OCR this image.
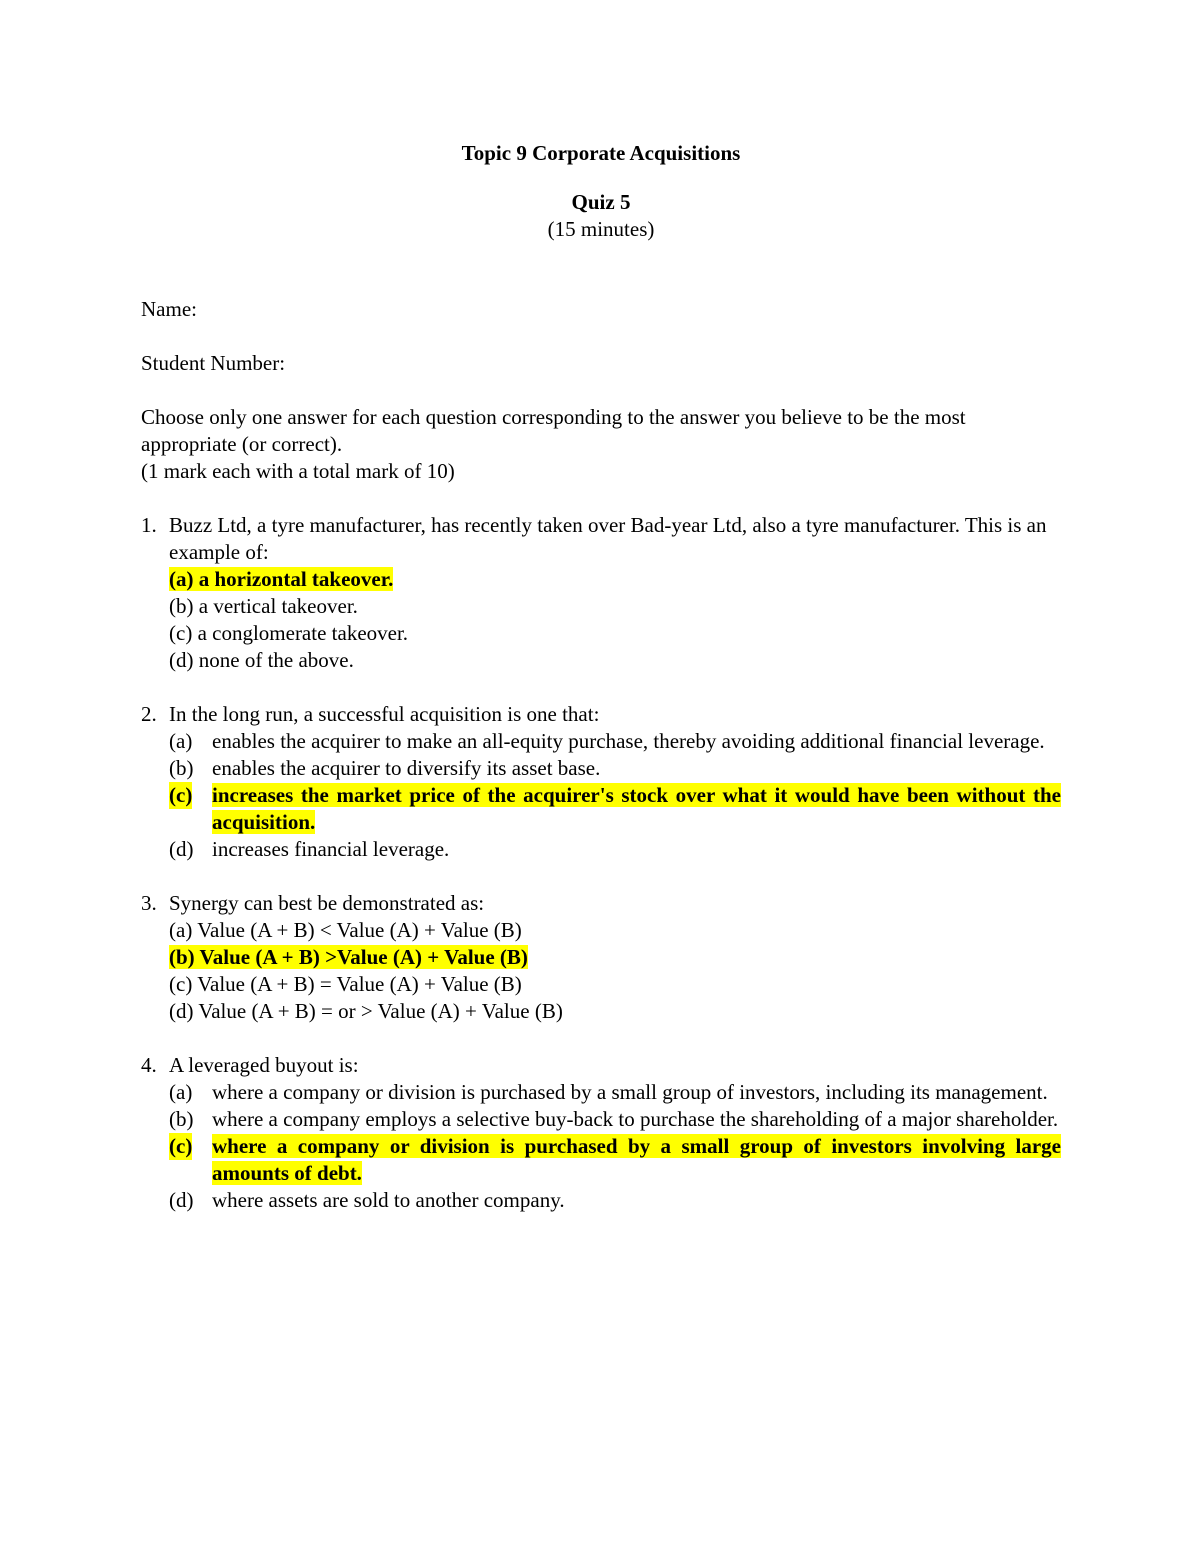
Topic 9 Corporate Acquisitions

Quiz 5

(15 minutes)

Name:

Student Number:

Choose only one answer for each question corresponding to the answer you believe to be the most appropriate (or correct).

(1 mark each with a total mark of 10)

1. Buzz Ltd, a tyre manufacturer, has recently taken over Bad-year Ltd, also a tyre manufacturer. This is an example of:

(a) a horizontal takeover.
(b) a vertical takeover.
(c) a conglomerate takeover.
(d) none of the above.
2. In the long run, a successful acquisition is one that:

(a) enables the acquirer to make an all-equity purchase, thereby avoiding additional financial leverage.
(b) enables the acquirer to diversify its asset base.
(c) increases the market price of the acquirer's stock over what it would have been without the acquisition.
(d) increases financial leverage.
3. Synergy can best be demonstrated as:

(a) Value (A + B) < Value (A) + Value (B)
(b) Value (A + B) >Value (A) + Value (B)
(c) Value (A + B) = Value (A) + Value (B)
(d) Value (A + B) = or > Value (A) + Value (B)
4. A leveraged buyout is:

(a) where a company or division is purchased by a small group of investors, including its management.
(b) where a company employs a selective buy-back to purchase the shareholding of a major shareholder.
(c) where a company or division is purchased by a small group of investors involving large amounts of debt.
(d) where assets are sold to another company.
